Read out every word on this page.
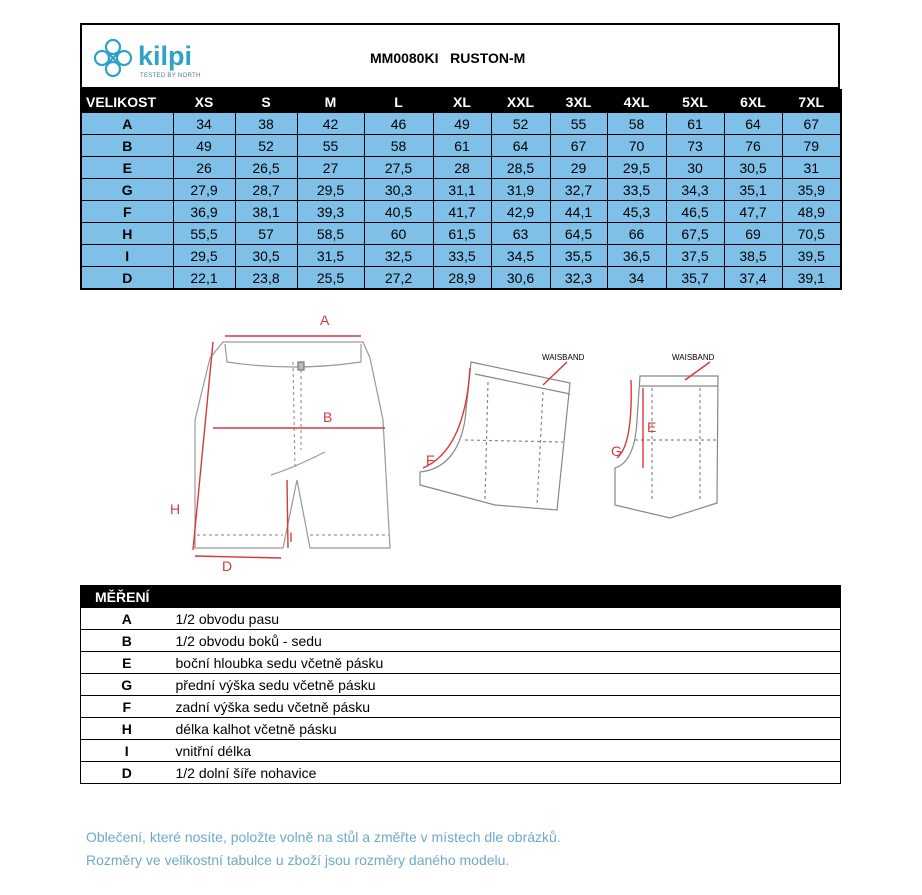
kilpi
TESTED BY NORTH
MM0080KI   RUSTON-M
VELIKOST	XS	S	M	L	XL	XXL	3XL	4XL	5XL	6XL	7XL
A	34	38	42	46	49	52	55	58	61	64	67
B	49	52	55	58	61	64	67	70	73	76	79
E	26	26,5	27	27,5	28	28,5	29	29,5	30	30,5	31
G	27,9	28,7	29,5	30,3	31,1	31,9	32,7	33,5	34,3	35,1	35,9
F	36,9	38,1	39,3	40,5	41,7	42,9	44,1	45,3	46,5	47,7	48,9
H	55,5	57	58,5	60	61,5	63	64,5	66	67,5	69	70,5
I	29,5	30,5	31,5	32,5	33,5	34,5	35,5	36,5	37,5	38,5	39,5
D	22,1	23,8	25,5	27,2	28,9	30,6	32,3	34	35,7	37,4	39,1
A
B
H
I
D
F
E
G
WAISBAND	WAISBAND
MĚŘENÍ	
A	1/2 obvodu pasu
B	1/2 obvodu boků - sedu
E	boční hloubka sedu včetně pásku
G	přední výška sedu včetně pásku
F	zadní výška sedu včetně pásku
H	délka kalhot včetně pásku
I	vnitřní délka
D	1/2 dolní šíře nohavice
Oblečení, které nosíte, položte volně na stůl a změřte v místech dle obrázků.
Rozměry ve velikostní tabulce u zboží jsou rozměry daného modelu.
